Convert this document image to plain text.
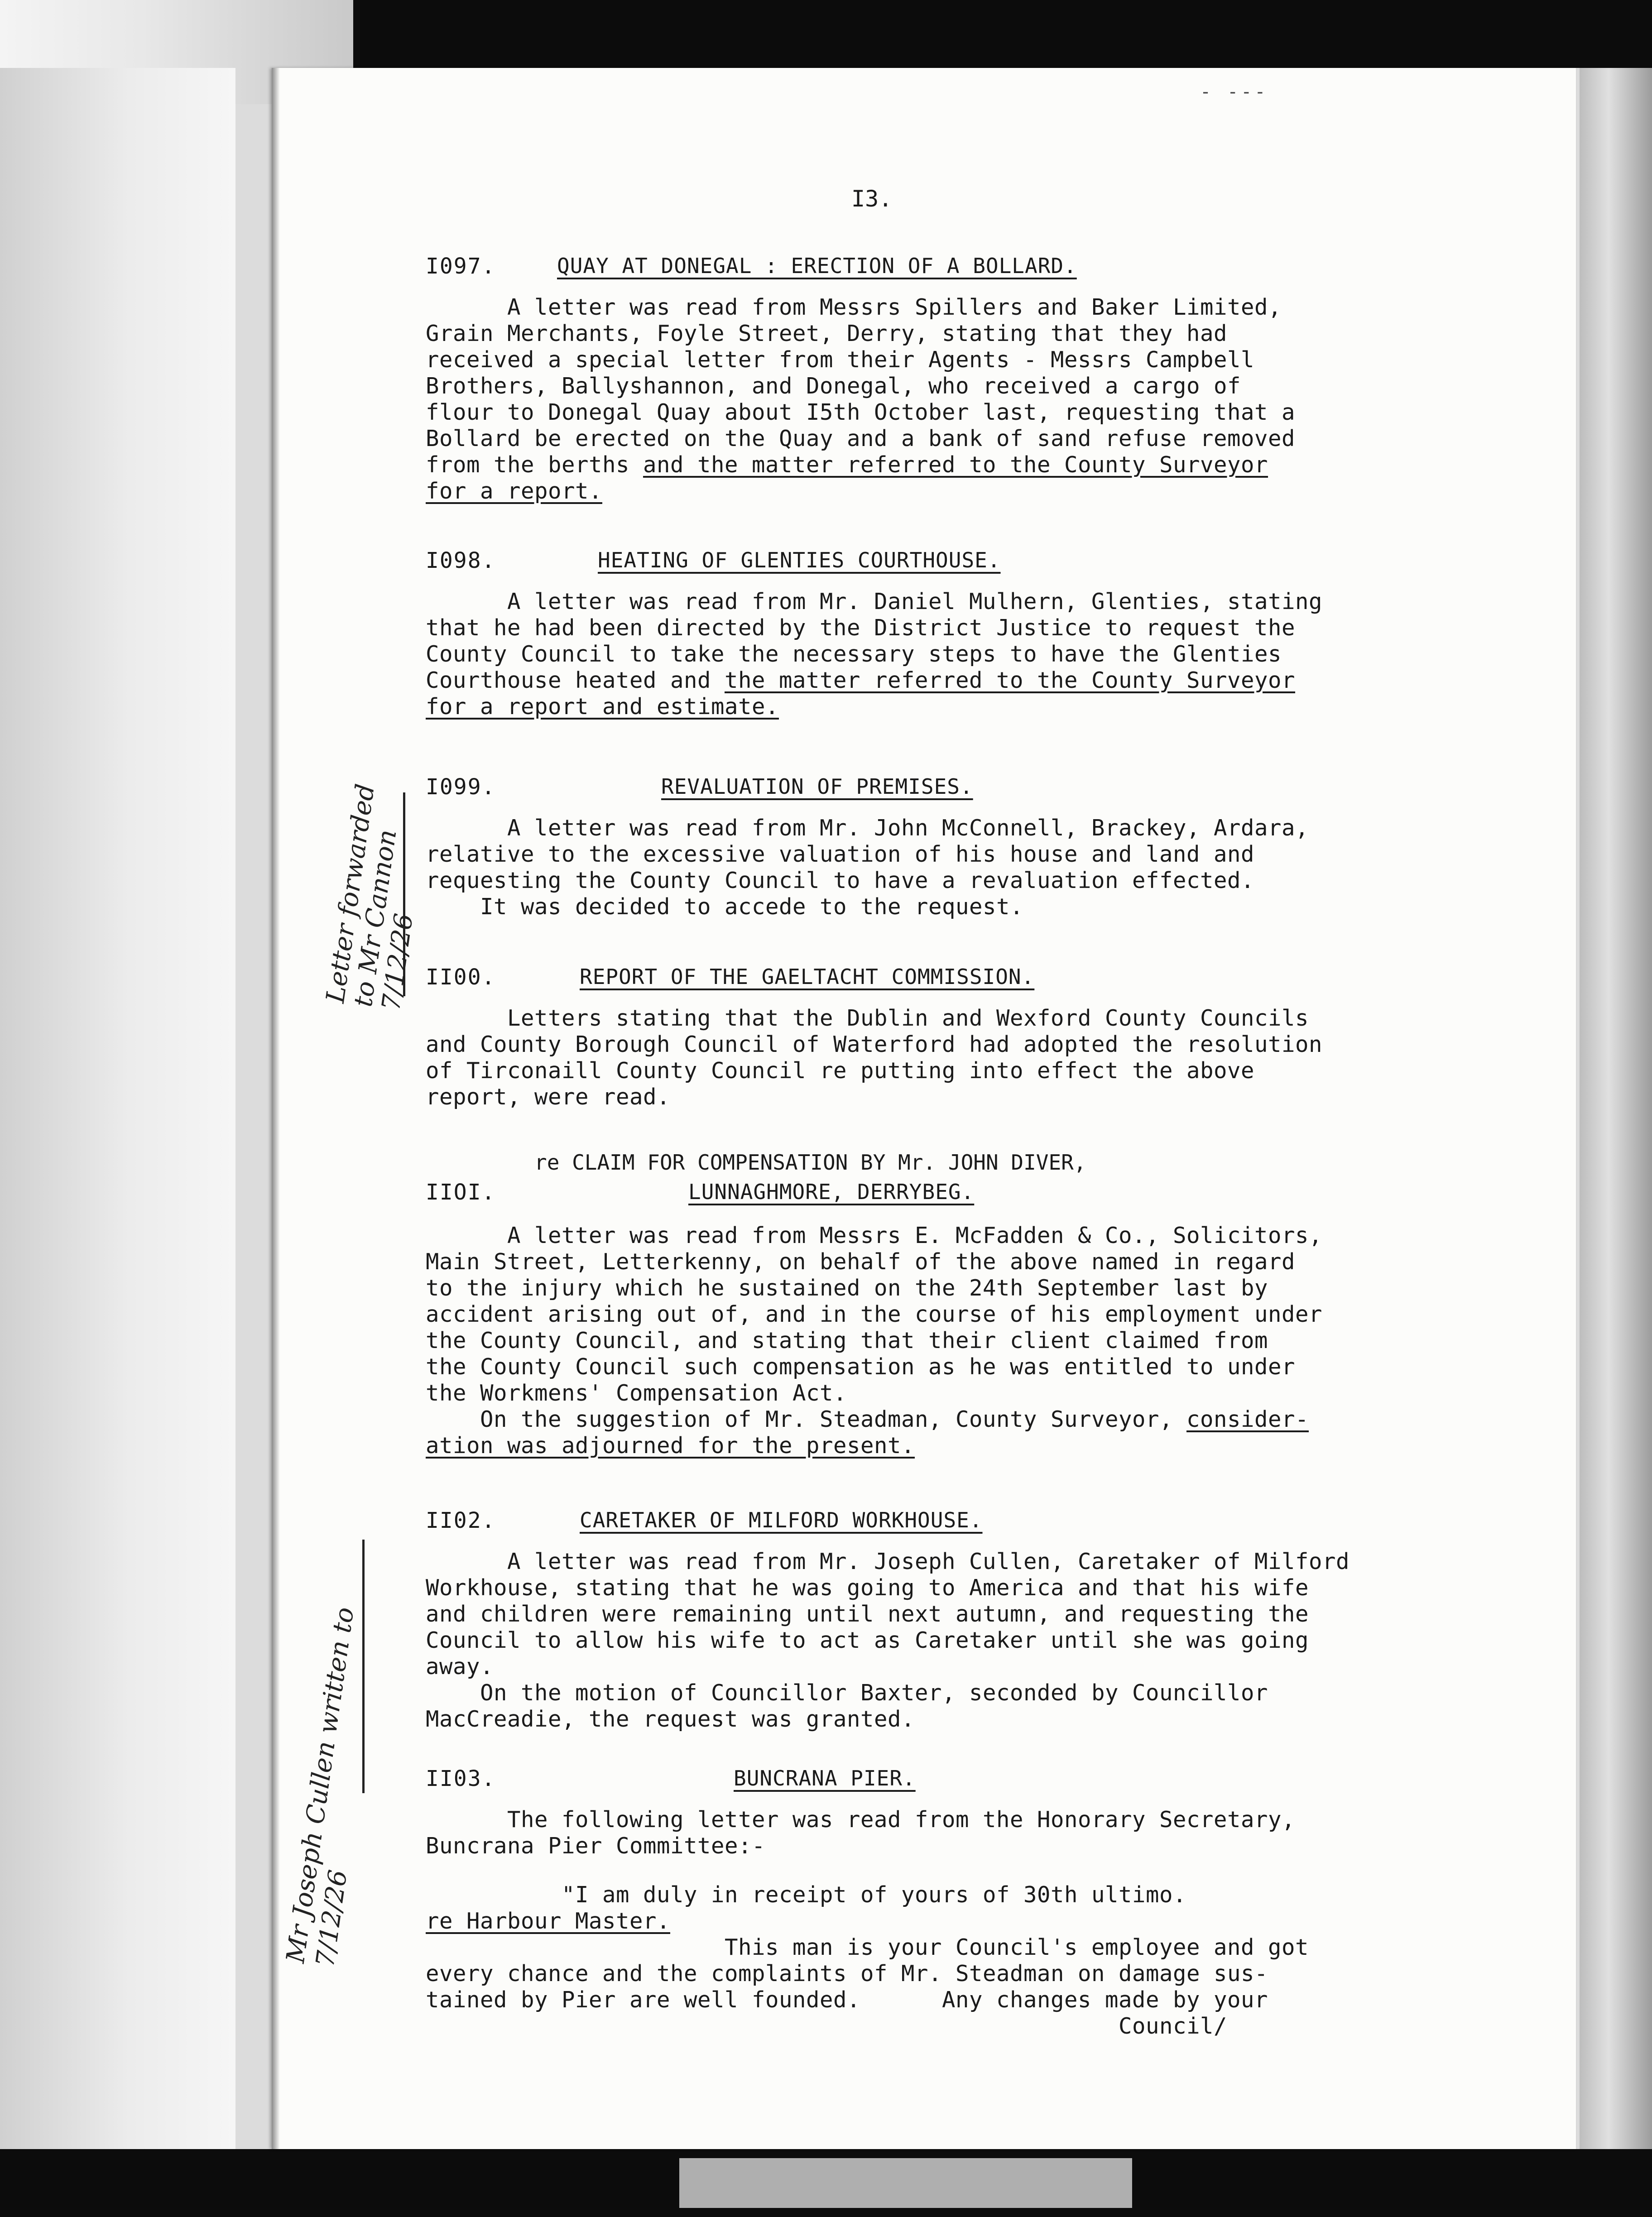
- ---
I3.
I097.	QUAY AT DONEGAL : ERECTION OF A BOLLARD.
A letter was read from Messrs Spillers and Baker Limited,
Grain Merchants, Foyle Street, Derry, stating that they had
received a special letter from their Agents - Messrs Campbell
Brothers, Ballyshannon, and Donegal, who received a cargo of
flour to Donegal Quay about I5th October last, requesting that a
Bollard be erected on the Quay and a bank of sand refuse removed
from the berths and the matter referred to the County Surveyor
for a report.
I098.	HEATING OF GLENTIES COURTHOUSE.
A letter was read from Mr. Daniel Mulhern, Glenties, stating
that he had been directed by the District Justice to request the
County Council to take the necessary steps to have the Glenties
Courthouse heated and the matter referred to the County Surveyor
for a report and estimate.
I099.	REVALUATION OF PREMISES.
A letter was read from Mr. John McConnell, Brackey, Ardara,
relative to the excessive valuation of his house and land and
requesting the County Council to have a revaluation effected.
It was decided to accede to the request.
II00.	REPORT OF THE GAELTACHT COMMISSION.
Letters stating that the Dublin and Wexford County Councils
and County Borough Council of Waterford had adopted the resolution
of Tirconaill County Council re putting into effect the above
report, were read.
re CLAIM FOR COMPENSATION BY Mr. JOHN DIVER,
IIOI.	LUNNAGHMORE, DERRYBEG.
A letter was read from Messrs E. McFadden & Co., Solicitors,
Main Street, Letterkenny, on behalf of the above named in regard
to the injury which he sustained on the 24th September last by
accident arising out of, and in the course of his employment under
the County Council, and stating that their client claimed from
the County Council such compensation as he was entitled to under
the Workmens' Compensation Act.
On the suggestion of Mr. Steadman, County Surveyor, consider-
ation was adjourned for the present.
II02.	CARETAKER OF MILFORD WORKHOUSE.
A letter was read from Mr. Joseph Cullen, Caretaker of Milford
Workhouse, stating that he was going to America and that his wife
and children were remaining until next autumn, and requesting the
Council to allow his wife to act as Caretaker until she was going
away.
On the motion of Councillor Baxter, seconded by Councillor
MacCreadie, the request was granted.
II03.	BUNCRANA PIER.
The following letter was read from the Honorary Secretary,
Buncrana Pier Committee:-
"I am duly in receipt of yours of 30th ultimo.
re Harbour Master.
This man is your Council's employee and got
every chance and the complaints of Mr. Steadman on damage sus-
tained by Pier are well founded.      Any changes made by your
Council/
Letter forwarded to Mr Cannon 7/12/26
Mr Joseph Cullen written to 7/12/26
